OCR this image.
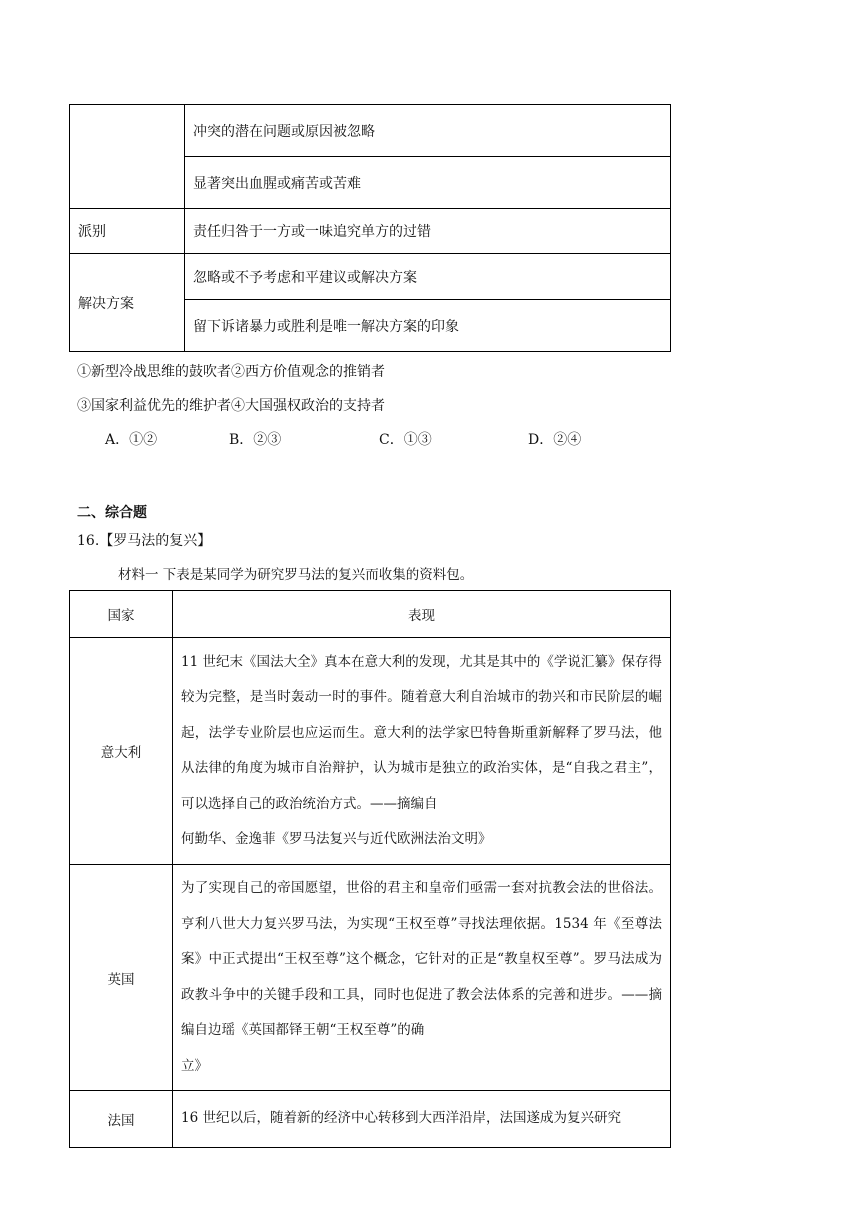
	冲突的潜在问题或原因被忽略
	显著突出血腥或痛苦或苦难
派别	责任归咎于一方或一味追究单方的过错
解决方案	忽略或不予考虑和平建议或解决方案
	留下诉诸暴力或胜利是唯一解决方案的印象
①新型冷战思维的鼓吹者②西方价值观念的推销者
③国家利益优先的维护者④大国强权政治的支持者
A．①②	B．②③	C．①③	D．②④
二、综合题
16.【罗马法的复兴】
材料一 下表是某同学为研究罗马法的复兴而收集的资料包。
国家	表现
意大利	11 世纪末《国法大全》真本在意大利的发现，尤其是其中的《学说汇纂》保存得较为完整，是当时轰动一时的事件。随着意大利自治城市的勃兴和市民阶层的崛起，法学专业阶层也应运而生。意大利的法学家巴特鲁斯重新解释了罗马法，他从法律的角度为城市自治辩护，认为城市是独立的政治实体，是“自我之君主”，可以选择自己的政治统治方式。——摘编自
何勤华、金逸菲《罗马法复兴与近代欧洲法治文明》

英国	为了实现自己的帝国愿望，世俗的君主和皇帝们亟需一套对抗教会法的世俗法。亨利八世大力复兴罗马法，为实现“王权至尊”寻找法理依据。1534 年《至尊法案》中正式提出“王权至尊”这个概念，它针对的正是“教皇权至尊”。罗马法成为政教斗争中的关键手段和工具，同时也促进了教会法体系的完善和进步。——摘编自边瑶《英国都铎王朝“王权至尊”的确
立》

法国	16 世纪以后，随着新的经济中心转移到大西洋沿岸，法国遂成为复兴研究
